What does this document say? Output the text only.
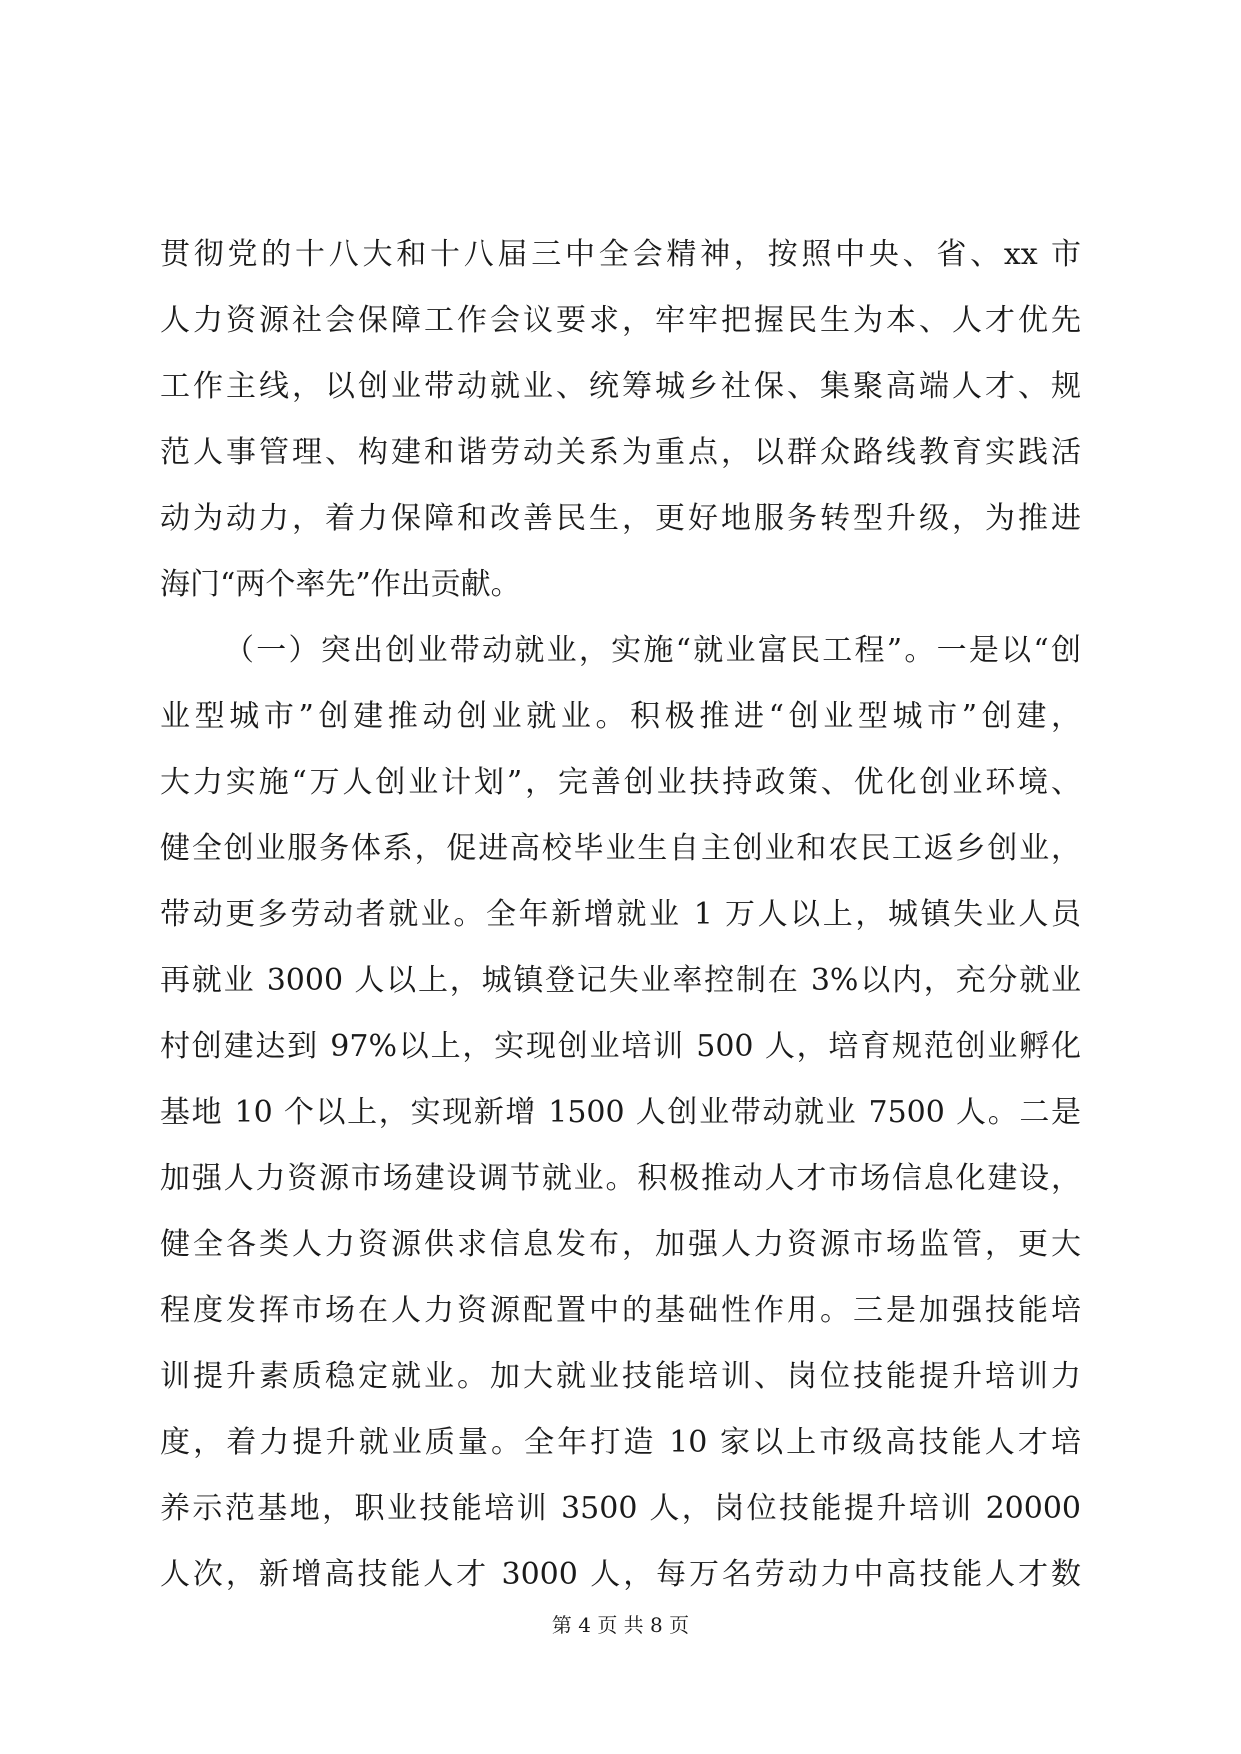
贯彻党的十八大和十八届三中全会精神，按照中央、省、xx 市
人力资源社会保障工作会议要求，牢牢把握民生为本、人才优先
工作主线，以创业带动就业、统筹城乡社保、集聚高端人才、规
范人事管理、构建和谐劳动关系为重点，以群众路线教育实践活
动为动力，着力保障和改善民生，更好地服务转型升级，为推进
海门“两个率先”作出贡献。
（一）突出创业带动就业，实施“就业富民工程”。一是以“创
业型城市”创建推动创业就业。积极推进“创业型城市”创建，
大力实施“万人创业计划”，完善创业扶持政策、优化创业环境、
健全创业服务体系，促进高校毕业生自主创业和农民工返乡创业，
带动更多劳动者就业。全年新增就业 1 万人以上，城镇失业人员
再就业 3000 人以上，城镇登记失业率控制在 3%以内，充分就业
村创建达到 97%以上，实现创业培训 500 人，培育规范创业孵化
基地 10 个以上，实现新增 1500 人创业带动就业 7500 人。二是
加强人力资源市场建设调节就业。积极推动人才市场信息化建设，
健全各类人力资源供求信息发布，加强人力资源市场监管，更大
程度发挥市场在人力资源配置中的基础性作用。三是加强技能培
训提升素质稳定就业。加大就业技能培训、岗位技能提升培训力
度，着力提升就业质量。全年打造 10 家以上市级高技能人才培
养示范基地，职业技能培训 3500 人，岗位技能提升培训 20000
人次，新增高技能人才 3000 人，每万名劳动力中高技能人才数
第 4 页 共 8 页
